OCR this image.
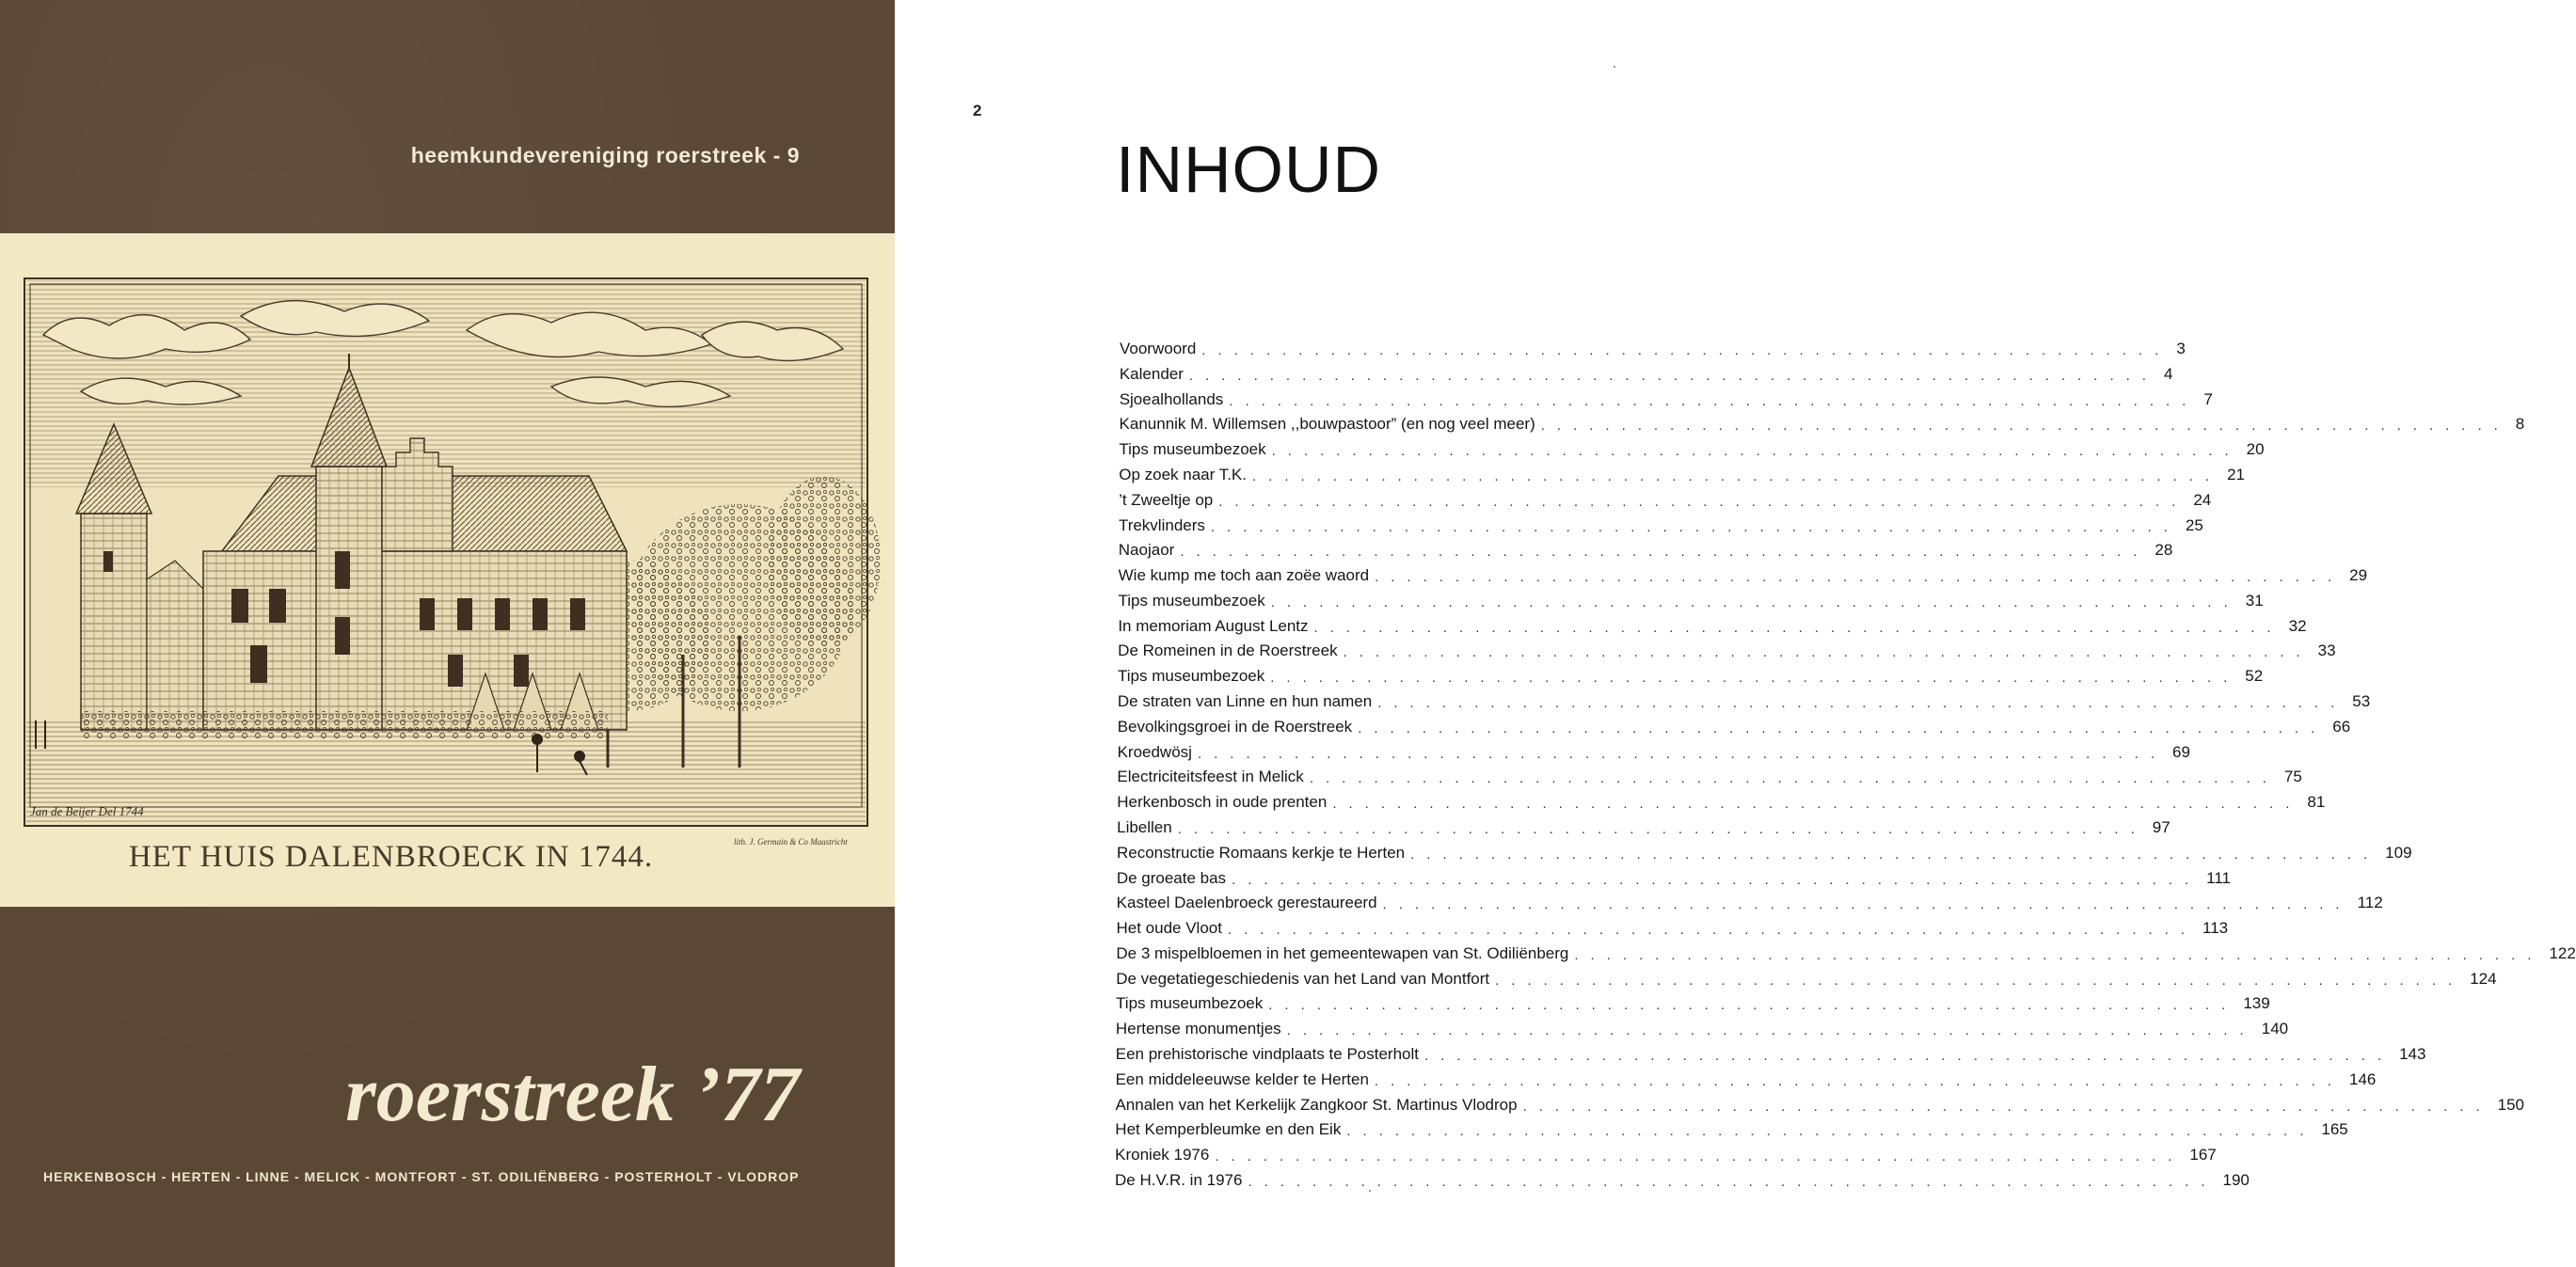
heemkundevereniging roerstreek - 9
Jan de Beijer Del 1744
lith. J. Germain & Co Maastricht
HET HUIS DALENBROECK IN 1744.
roerstreek ’77
HERKENBOSCH - HERTEN - LINNE - MELICK - MONTFORT - ST. ODILIËNBERG - POSTERHOLT - VLODROP
2
INHOUD
Voorwoord ............................................................ 3
Kalender ............................................................ 4
Sjoealhollands ............................................................ 7
Kanunnik M. Willemsen ,,bouwpastoor” (en nog veel meer) ............................................................ 8
Tips museumbezoek ............................................................ 20
Op zoek naar T.K. ............................................................ 21
’t Zweeltje op ............................................................ 24
Trekvlinders ............................................................ 25
Naojaor ............................................................ 28
Wie kump me toch aan zoëe waord ............................................................ 29
Tips museumbezoek ............................................................ 31
In memoriam August Lentz ............................................................ 32
De Romeinen in de Roerstreek ............................................................ 33
Tips museumbezoek ............................................................ 52
De straten van Linne en hun namen ............................................................ 53
Bevolkingsgroei in de Roerstreek ............................................................ 66
Kroedwösj ............................................................ 69
Electriciteitsfeest in Melick ............................................................ 75
Herkenbosch in oude prenten ............................................................ 81
Libellen ............................................................ 97
Reconstructie Romaans kerkje te Herten ............................................................ 109
De groeate bas ............................................................ 111
Kasteel Daelenbroeck gerestaureerd ............................................................ 112
Het oude Vloot ............................................................ 113
De 3 mispelbloemen in het gemeentewapen van St. Odiliënberg ............................................................ 122
De vegetatiegeschiedenis van het Land van Montfort ............................................................ 124
Tips museumbezoek ............................................................ 139
Hertense monumentjes ............................................................ 140
Een prehistorische vindplaats te Posterholt ............................................................ 143
Een middeleeuwse kelder te Herten ............................................................ 146
Annalen van het Kerkelijk Zangkoor St. Martinus Vlodrop ............................................................ 150
Het Kemperbleumke en den Eik ............................................................ 165
Kroniek 1976 ............................................................ 167
De H.V.R. in 1976 ............................................................ 190
